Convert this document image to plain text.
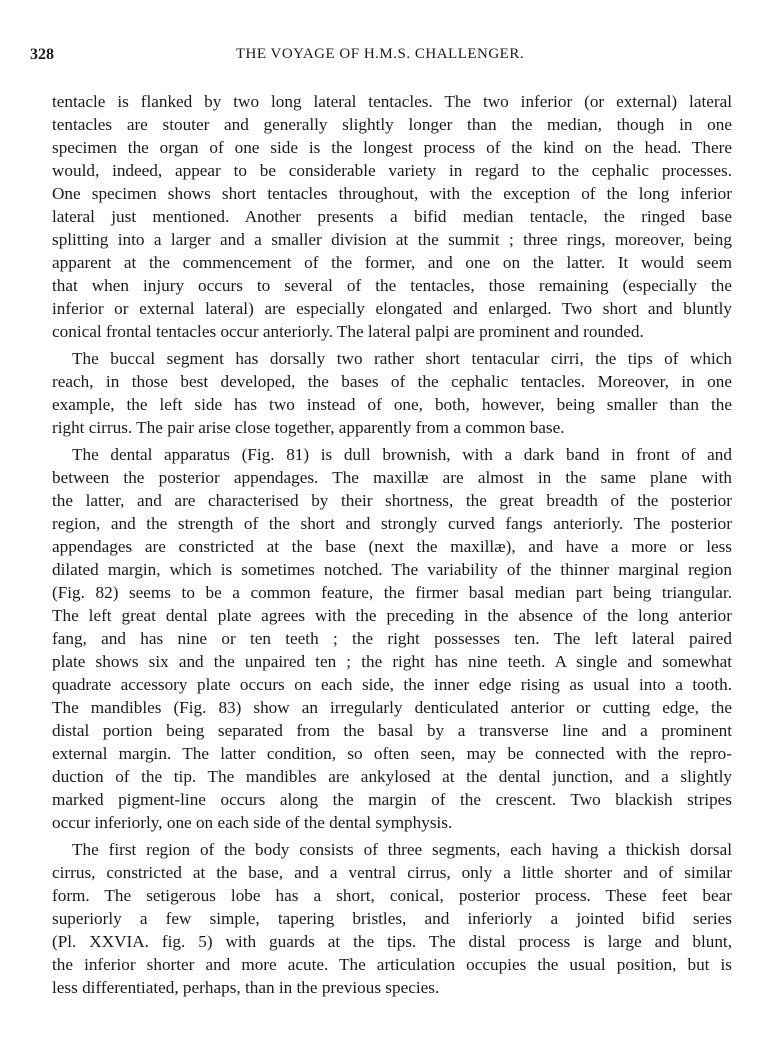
328	THE VOYAGE OF H.M.S. CHALLENGER.
tentacle is flanked by two long lateral tentacles. The two inferior (or external) lateral
tentacles are stouter and generally slightly longer than the median, though in one
specimen the organ of one side is the longest process of the kind on the head. There
would, indeed, appear to be considerable variety in regard to the cephalic processes.
One specimen shows short tentacles throughout, with the exception of the long inferior
lateral just mentioned. Another presents a bifid median tentacle, the ringed base
splitting into a larger and a smaller division at the summit ; three rings, moreover, being
apparent at the commencement of the former, and one on the latter. It would seem
that when injury occurs to several of the tentacles, those remaining (especially the
inferior or external lateral) are especially elongated and enlarged. Two short and bluntly
conical frontal tentacles occur anteriorly. The lateral palpi are prominent and rounded.
The buccal segment has dorsally two rather short tentacular cirri, the tips of which
reach, in those best developed, the bases of the cephalic tentacles. Moreover, in one
example, the left side has two instead of one, both, however, being smaller than the
right cirrus. The pair arise close together, apparently from a common base.
The dental apparatus (Fig. 81) is dull brownish, with a dark band in front of and
between the posterior appendages. The maxillæ are almost in the same plane with
the latter, and are characterised by their shortness, the great breadth of the posterior
region, and the strength of the short and strongly curved fangs anteriorly. The posterior
appendages are constricted at the base (next the maxillæ), and have a more or less
dilated margin, which is sometimes notched. The variability of the thinner marginal region
(Fig. 82) seems to be a common feature, the firmer basal median part being triangular.
The left great dental plate agrees with the preceding in the absence of the long anterior
fang, and has nine or ten teeth ; the right possesses ten. The left lateral paired
plate shows six and the unpaired ten ; the right has nine teeth. A single and somewhat
quadrate accessory plate occurs on each side, the inner edge rising as usual into a tooth.
The mandibles (Fig. 83) show an irregularly denticulated anterior or cutting edge, the
distal portion being separated from the basal by a transverse line and a prominent
external margin. The latter condition, so often seen, may be connected with the repro-
duction of the tip. The mandibles are ankylosed at the dental junction, and a slightly
marked pigment-line occurs along the margin of the crescent. Two blackish stripes
occur inferiorly, one on each side of the dental symphysis.
The first region of the body consists of three segments, each having a thickish dorsal
cirrus, constricted at the base, and a ventral cirrus, only a little shorter and of similar
form. The setigerous lobe has a short, conical, posterior process. These feet bear
superiorly a few simple, tapering bristles, and inferiorly a jointed bifid series
(Pl. XXVIA. fig. 5) with guards at the tips. The distal process is large and blunt,
the inferior shorter and more acute. The articulation occupies the usual position, but is
less differentiated, perhaps, than in the previous species.
